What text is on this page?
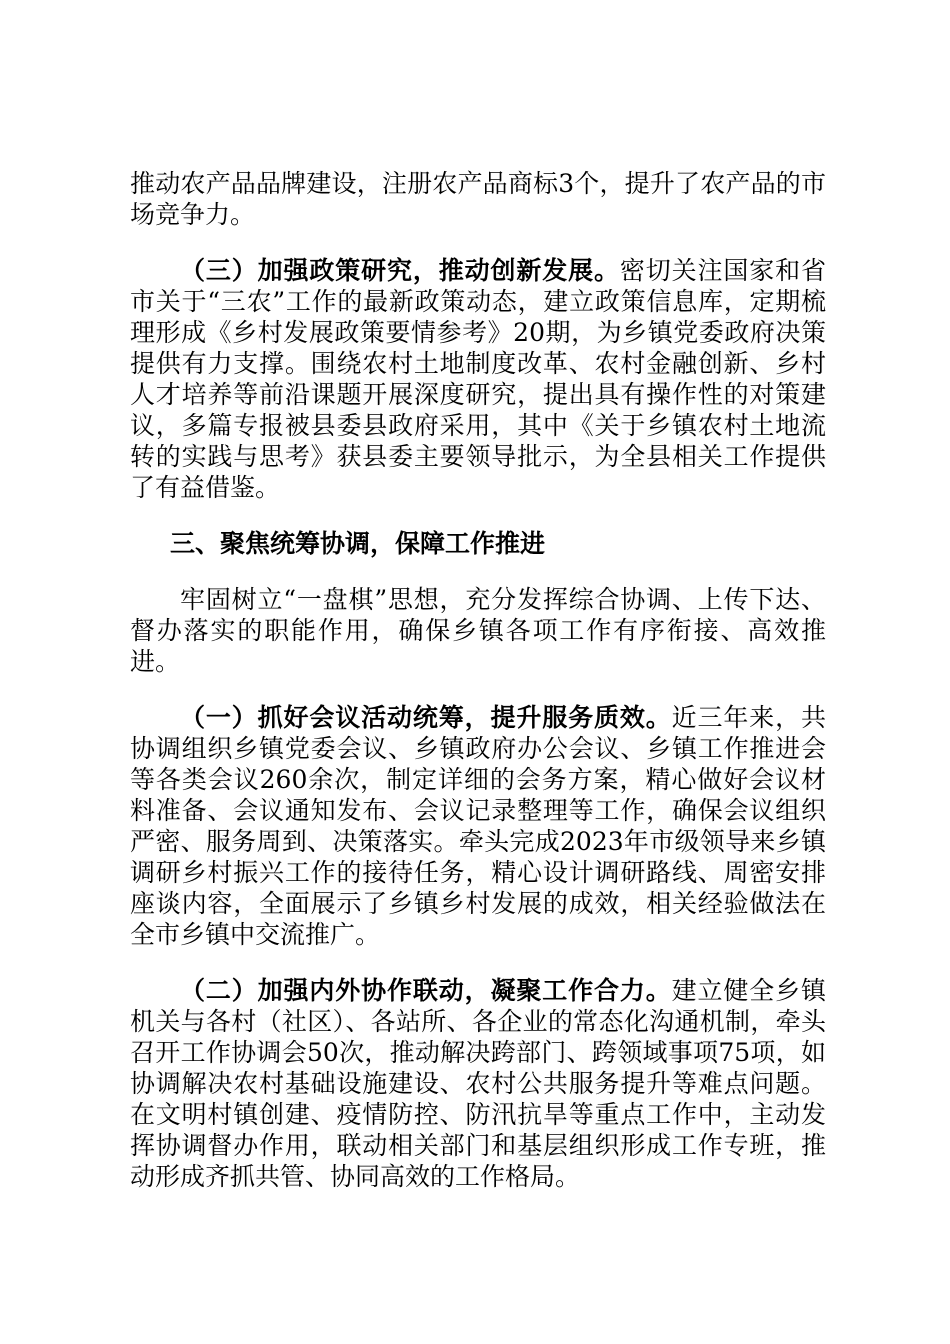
推动农产品品牌建设，注册农产品商标3个，提升了农产品的市场竞争力。

（三）加强政策研究，推动创新发展。密切关注国家和省市关于“三农”工作的最新政策动态，建立政策信息库，定期梳理形成《乡村发展政策要情参考》20期，为乡镇党委政府决策提供有力支撑。围绕农村土地制度改革、农村金融创新、乡村人才培养等前沿课题开展深度研究，提出具有操作性的对策建议，多篇专报被县委县政府采用，其中《关于乡镇农村土地流转的实践与思考》获县委主要领导批示，为全县相关工作提供了有益借鉴。

三、聚焦统筹协调，保障工作推进

牢固树立“一盘棋”思想，充分发挥综合协调、上传下达、督办落实的职能作用，确保乡镇各项工作有序衔接、高效推进。

（一）抓好会议活动统筹，提升服务质效。近三年来，共协调组织乡镇党委会议、乡镇政府办公会议、乡镇工作推进会等各类会议260余次，制定详细的会务方案，精心做好会议材料准备、会议通知发布、会议记录整理等工作，确保会议组织严密、服务周到、决策落实。牵头完成2023年市级领导来乡镇调研乡村振兴工作的接待任务，精心设计调研路线、周密安排座谈内容，全面展示了乡镇乡村发展的成效，相关经验做法在全市乡镇中交流推广。

（二）加强内外协作联动，凝聚工作合力。建立健全乡镇机关与各村（社区）、各站所、各企业的常态化沟通机制，牵头召开工作协调会50次，推动解决跨部门、跨领域事项75项，如协调解决农村基础设施建设、农村公共服务提升等难点问题。在文明村镇创建、疫情防控、防汛抗旱等重点工作中，主动发挥协调督办作用，联动相关部门和基层组织形成工作专班，推动形成齐抓共管、协同高效的工作格局。
